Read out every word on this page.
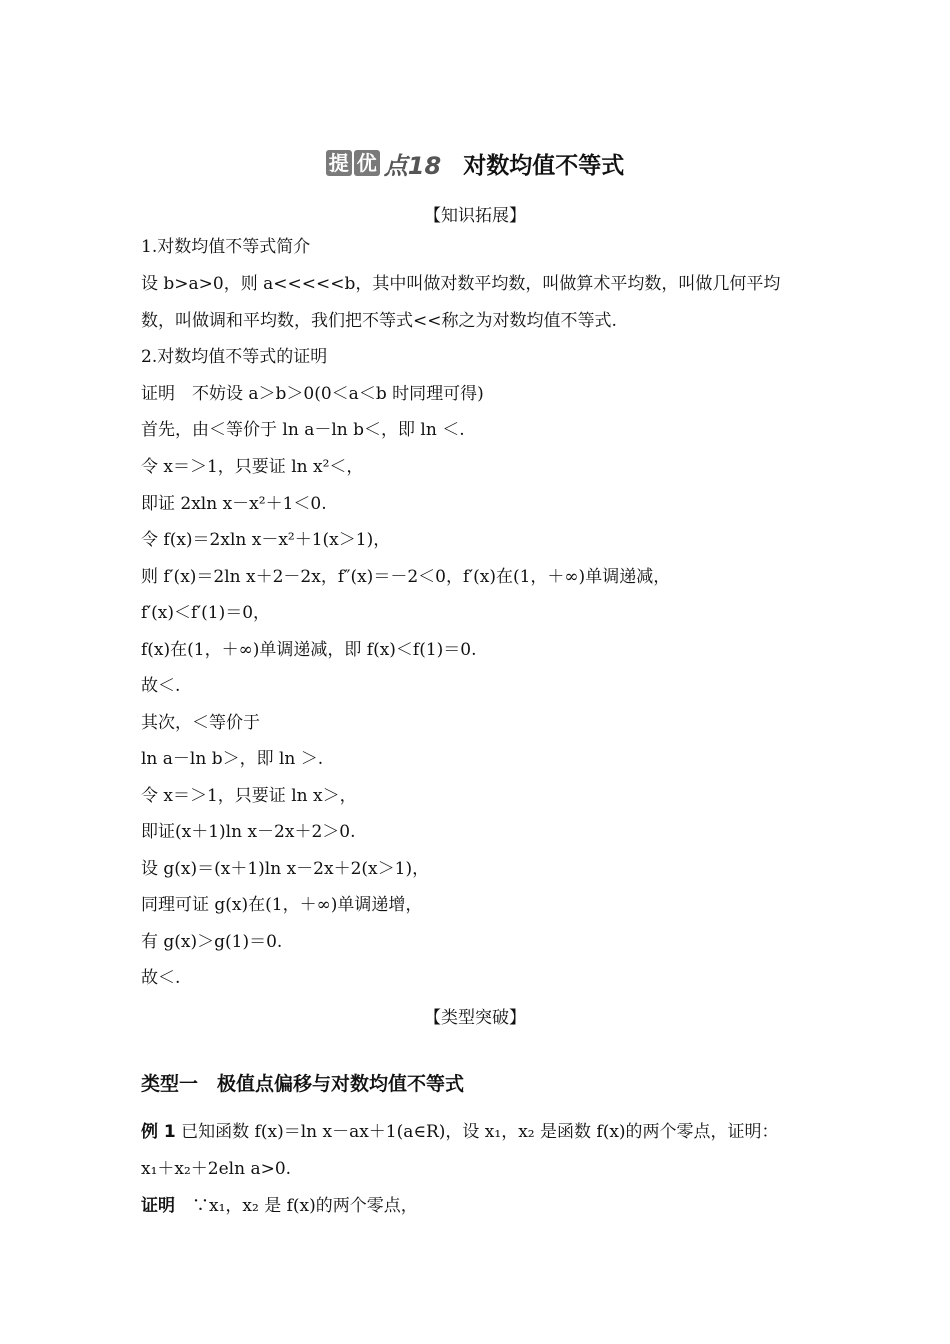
提 优 点18 对数均值不等式
【知识拓展】
1.对数均值不等式简介
设 b>a>0，则 a<<<<<b，其中叫做对数平均数，叫做算术平均数，叫做几何平均
数，叫做调和平均数，我们把不等式<<称之为对数均值不等式.
2.对数均值不等式的证明
证明　不妨设 a＞b＞0(0＜a＜b 时同理可得)
首先，由＜等价于 ln a－ln b＜，即 ln ＜.
令 x＝＞1，只要证 ln x²＜，
即证 2xln x－x²＋1＜0.
令 f(x)＝2xln x－x²＋1(x＞1)，
则 f′(x)＝2ln x＋2－2x，f″(x)＝－2＜0，f′(x)在(1，＋∞)单调递减，
f′(x)＜f′(1)＝0，
f(x)在(1，＋∞)单调递减，即 f(x)＜f(1)＝0.
故＜.
其次，＜等价于
ln a－ln b＞，即 ln ＞.
令 x＝＞1，只要证 ln x＞，
即证(x＋1)ln x－2x＋2＞0.
设 g(x)＝(x＋1)ln x－2x＋2(x＞1)，
同理可证 g(x)在(1，＋∞)单调递增，
有 g(x)＞g(1)＝0.
故＜.
【类型突破】
类型一　极值点偏移与对数均值不等式
例 1 已知函数 f(x)＝ln x－ax＋1(a∈R)，设 x₁，x₂ 是函数 f(x)的两个零点，证明：
x₁＋x₂＋2eln a>0.
证明　∵x₁，x₂ 是 f(x)的两个零点，
